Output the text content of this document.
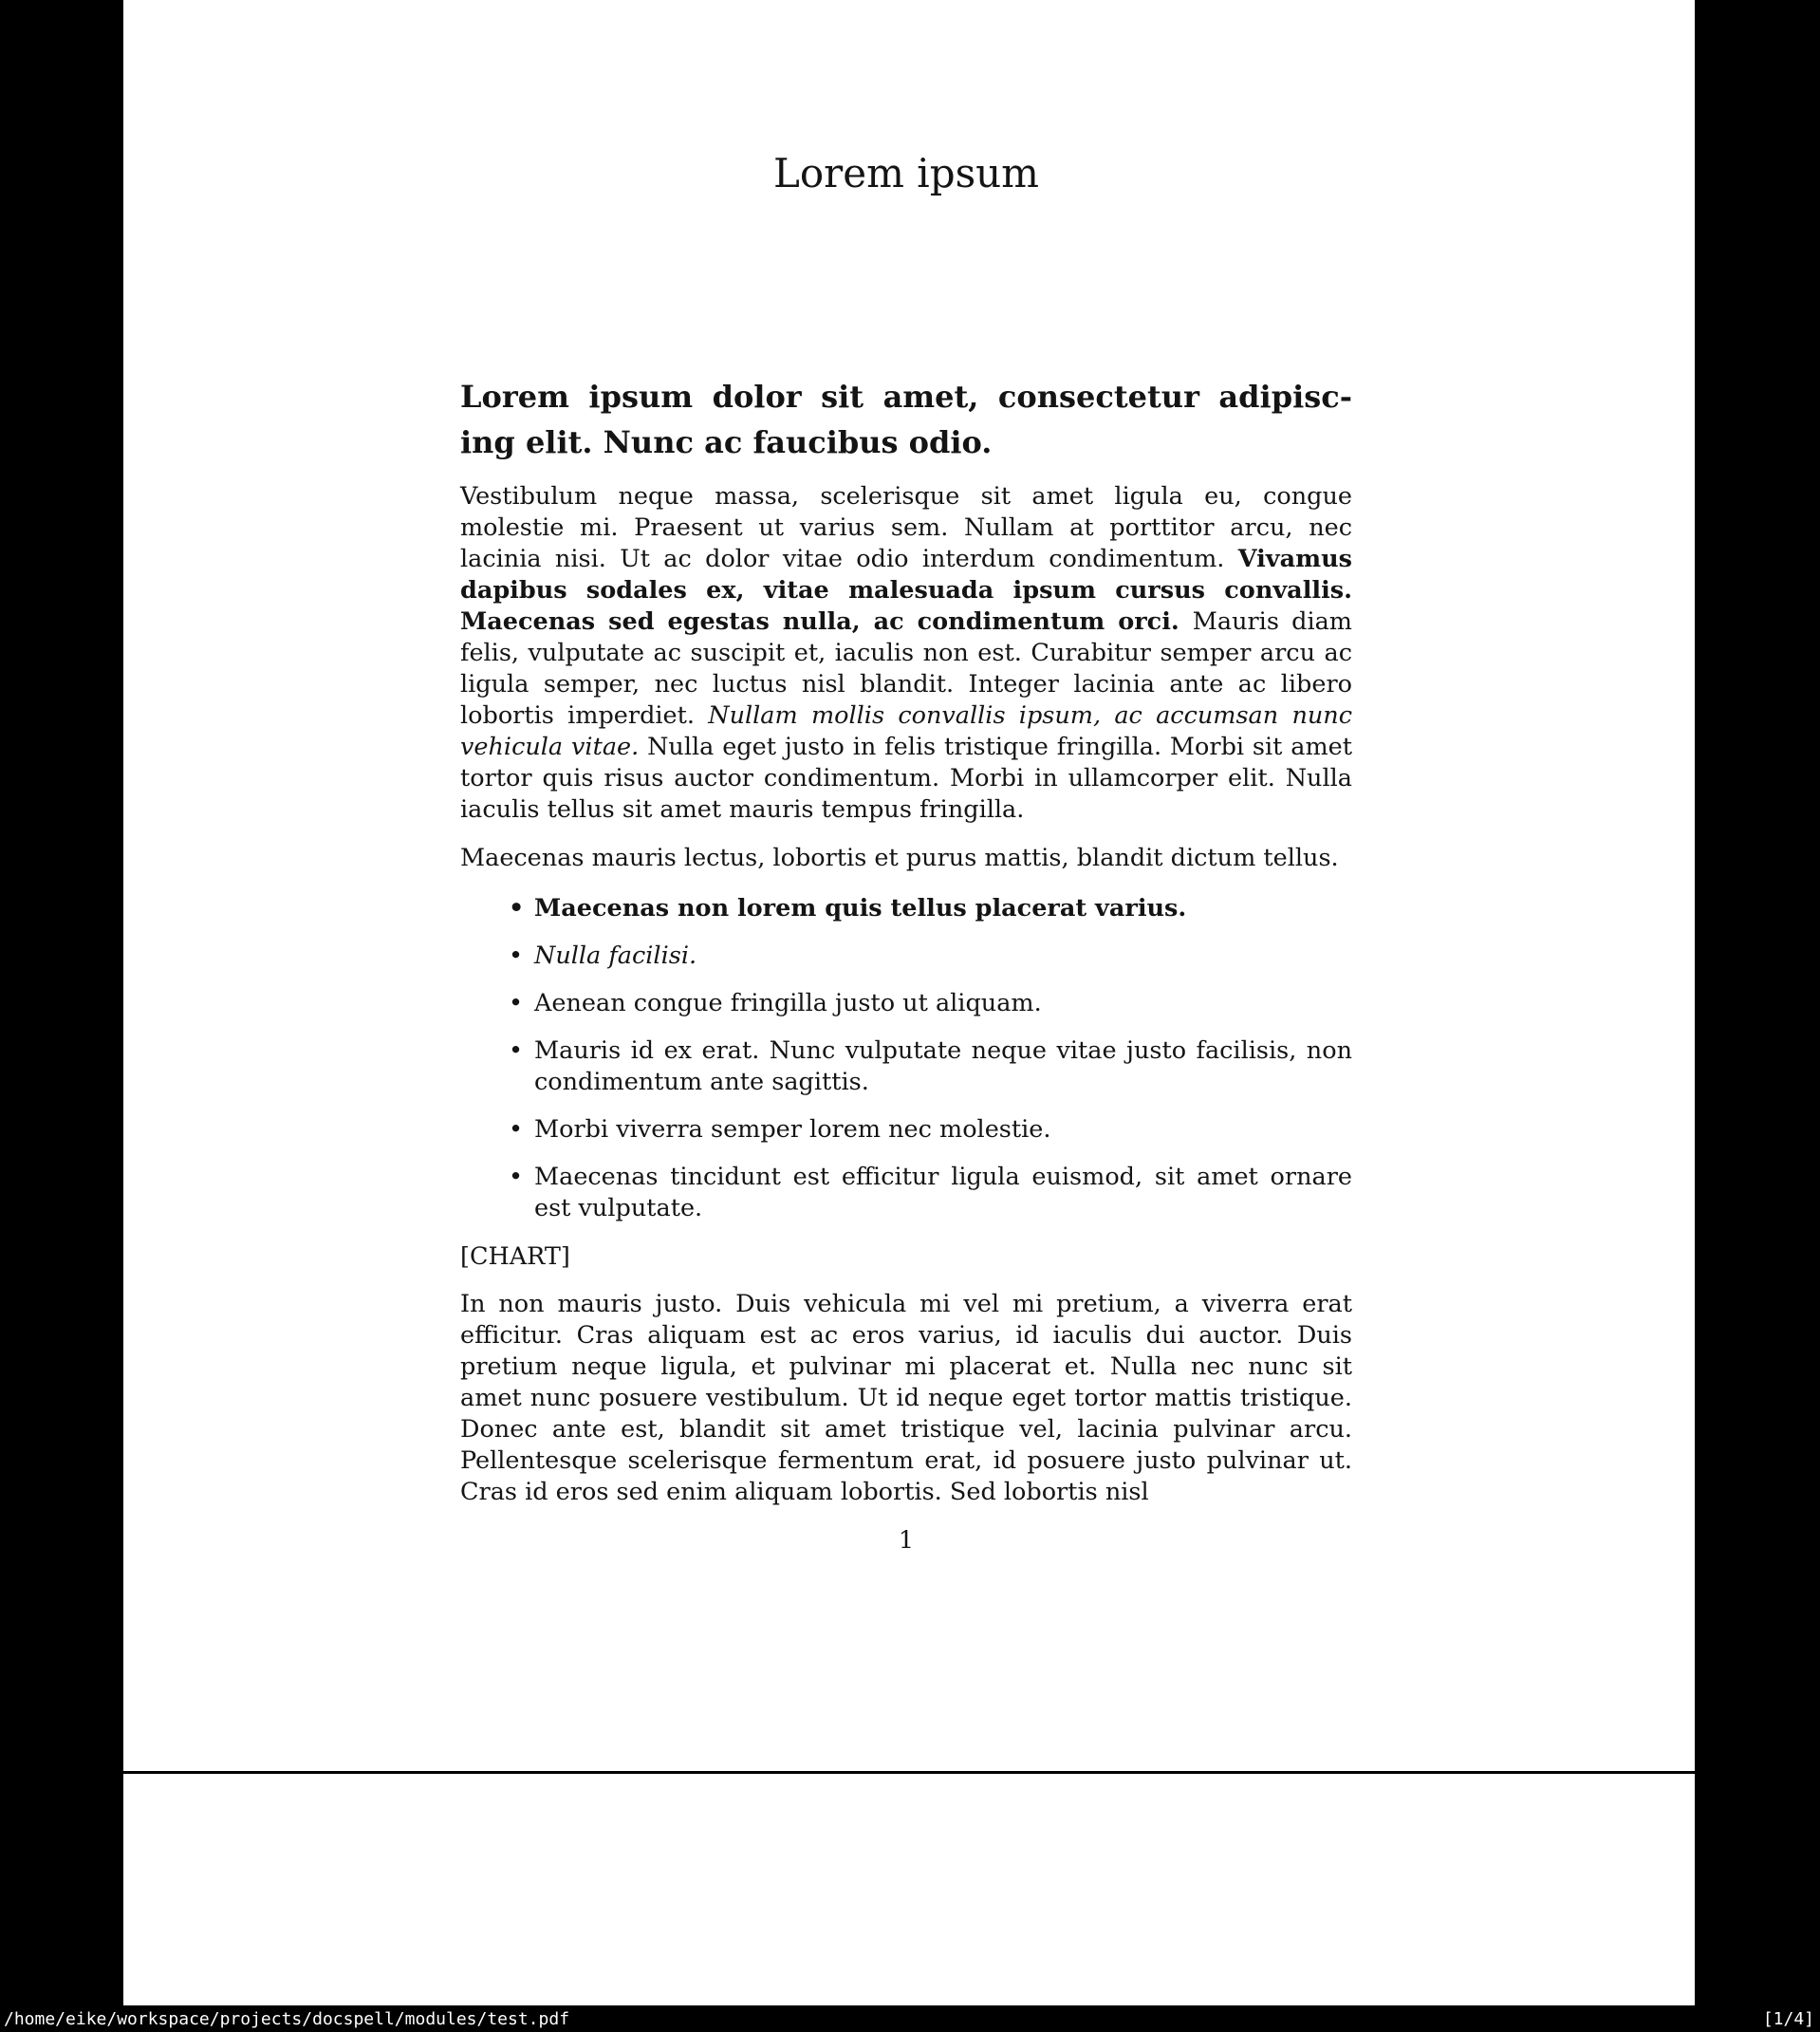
Lorem ipsum
Lorem ipsum dolor sit amet, consectetur adipisc-
ing elit. Nunc ac faucibus odio.

Vestibulum neque massa, scelerisque sit amet ligula eu, congue molestie mi. Praesent ut varius sem. Nullam at porttitor arcu, nec lacinia nisi. Ut ac dolor vitae odio interdum condimentum. Vivamus dapibus sodales ex, vitae malesuada ipsum cursus convallis. Maecenas sed egestas nulla, ac condimentum orci. Mauris diam felis, vulputate ac suscipit et, iaculis non est. Curabitur semper arcu ac ligula semper, nec luctus nisl blandit. Integer lacinia ante ac libero lobortis imperdiet. Nullam mollis convallis ipsum, ac accumsan nunc vehicula vitae. Nulla eget justo in felis tristique fringilla. Morbi sit amet tortor quis risus auctor condimentum. Morbi in ullamcorper elit. Nulla iaculis tellus sit amet mauris tempus fringilla.

Maecenas mauris lectus, lobortis et purus mattis, blandit dictum tellus.

• Maecenas non lorem quis tellus placerat varius.
• Nulla facilisi.
• Aenean congue fringilla justo ut aliquam.
• Mauris id ex erat. Nunc vulputate neque vitae justo facilisis, non condimentum ante sagittis.
• Morbi viverra semper lorem nec molestie.
• Maecenas tincidunt est efficitur ligula euismod, sit amet ornare est vulputate.

[CHART]

In non mauris justo. Duis vehicula mi vel mi pretium, a viverra erat efficitur. Cras aliquam est ac eros varius, id iaculis dui auctor. Duis pretium neque ligula, et pulvinar mi placerat et. Nulla nec nunc sit amet nunc posuere vestibulum. Ut id neque eget tortor mattis tristique. Donec ante est, blandit sit amet tristique vel, lacinia pulvinar arcu. Pellentesque scelerisque fermentum erat, id posuere justo pulvinar ut. Cras id eros sed enim aliquam lobortis. Sed lobortis nisl

1
/home/eike/workspace/projects/docspell/modules/test.pdf	[1/4]
